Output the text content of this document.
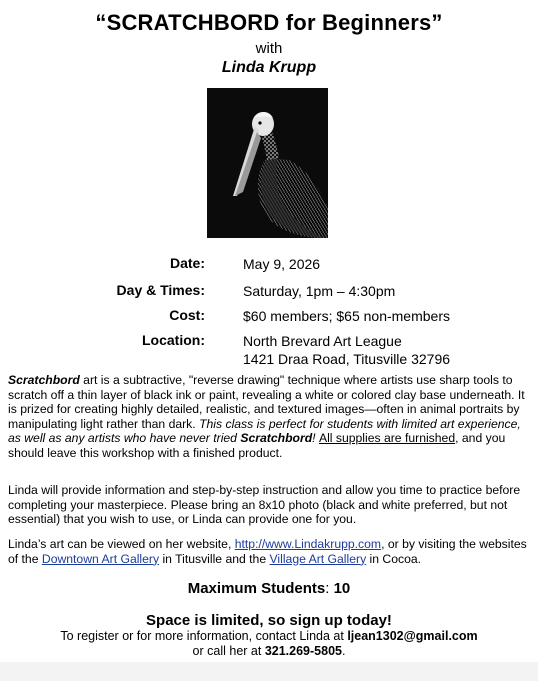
“SCRATCHBORD for Beginners”
with
Linda Krupp
Date:	May 9, 2026
Day & Times:	Saturday, 1pm – 4:30pm
Cost:	$60 members; $65 non-members
Location:	North Brevard Art League
1421 Draa Road, Titusville 32796
Scratchbord art is a subtractive, "reverse drawing" technique where artists use sharp tools to scratch off a thin layer of black ink or paint, revealing a white or colored clay base underneath. It is prized for creating highly detailed, realistic, and textured images—often in animal portraits by manipulating light rather than dark. This class is perfect for students with limited art experience, as well as any artists who have never tried Scratchbord! All supplies are furnished, and you should leave this workshop with a finished product.
Linda will provide information and step-by-step instruction and allow you time to practice before completing your masterpiece. Please bring an 8x10 photo (black and white preferred, but not essential) that you wish to use, or Linda can provide one for you.
Linda’s art can be viewed on her website, http://www.Lindakrupp.com, or by visiting the websites of the Downtown Art Gallery in Titusville and the Village Art Gallery in Cocoa.
Maximum Students: 10
Space is limited, so sign up today!
To register or for more information, contact Linda at ljean1302@gmail.com
or call her at 321.269-5805.
